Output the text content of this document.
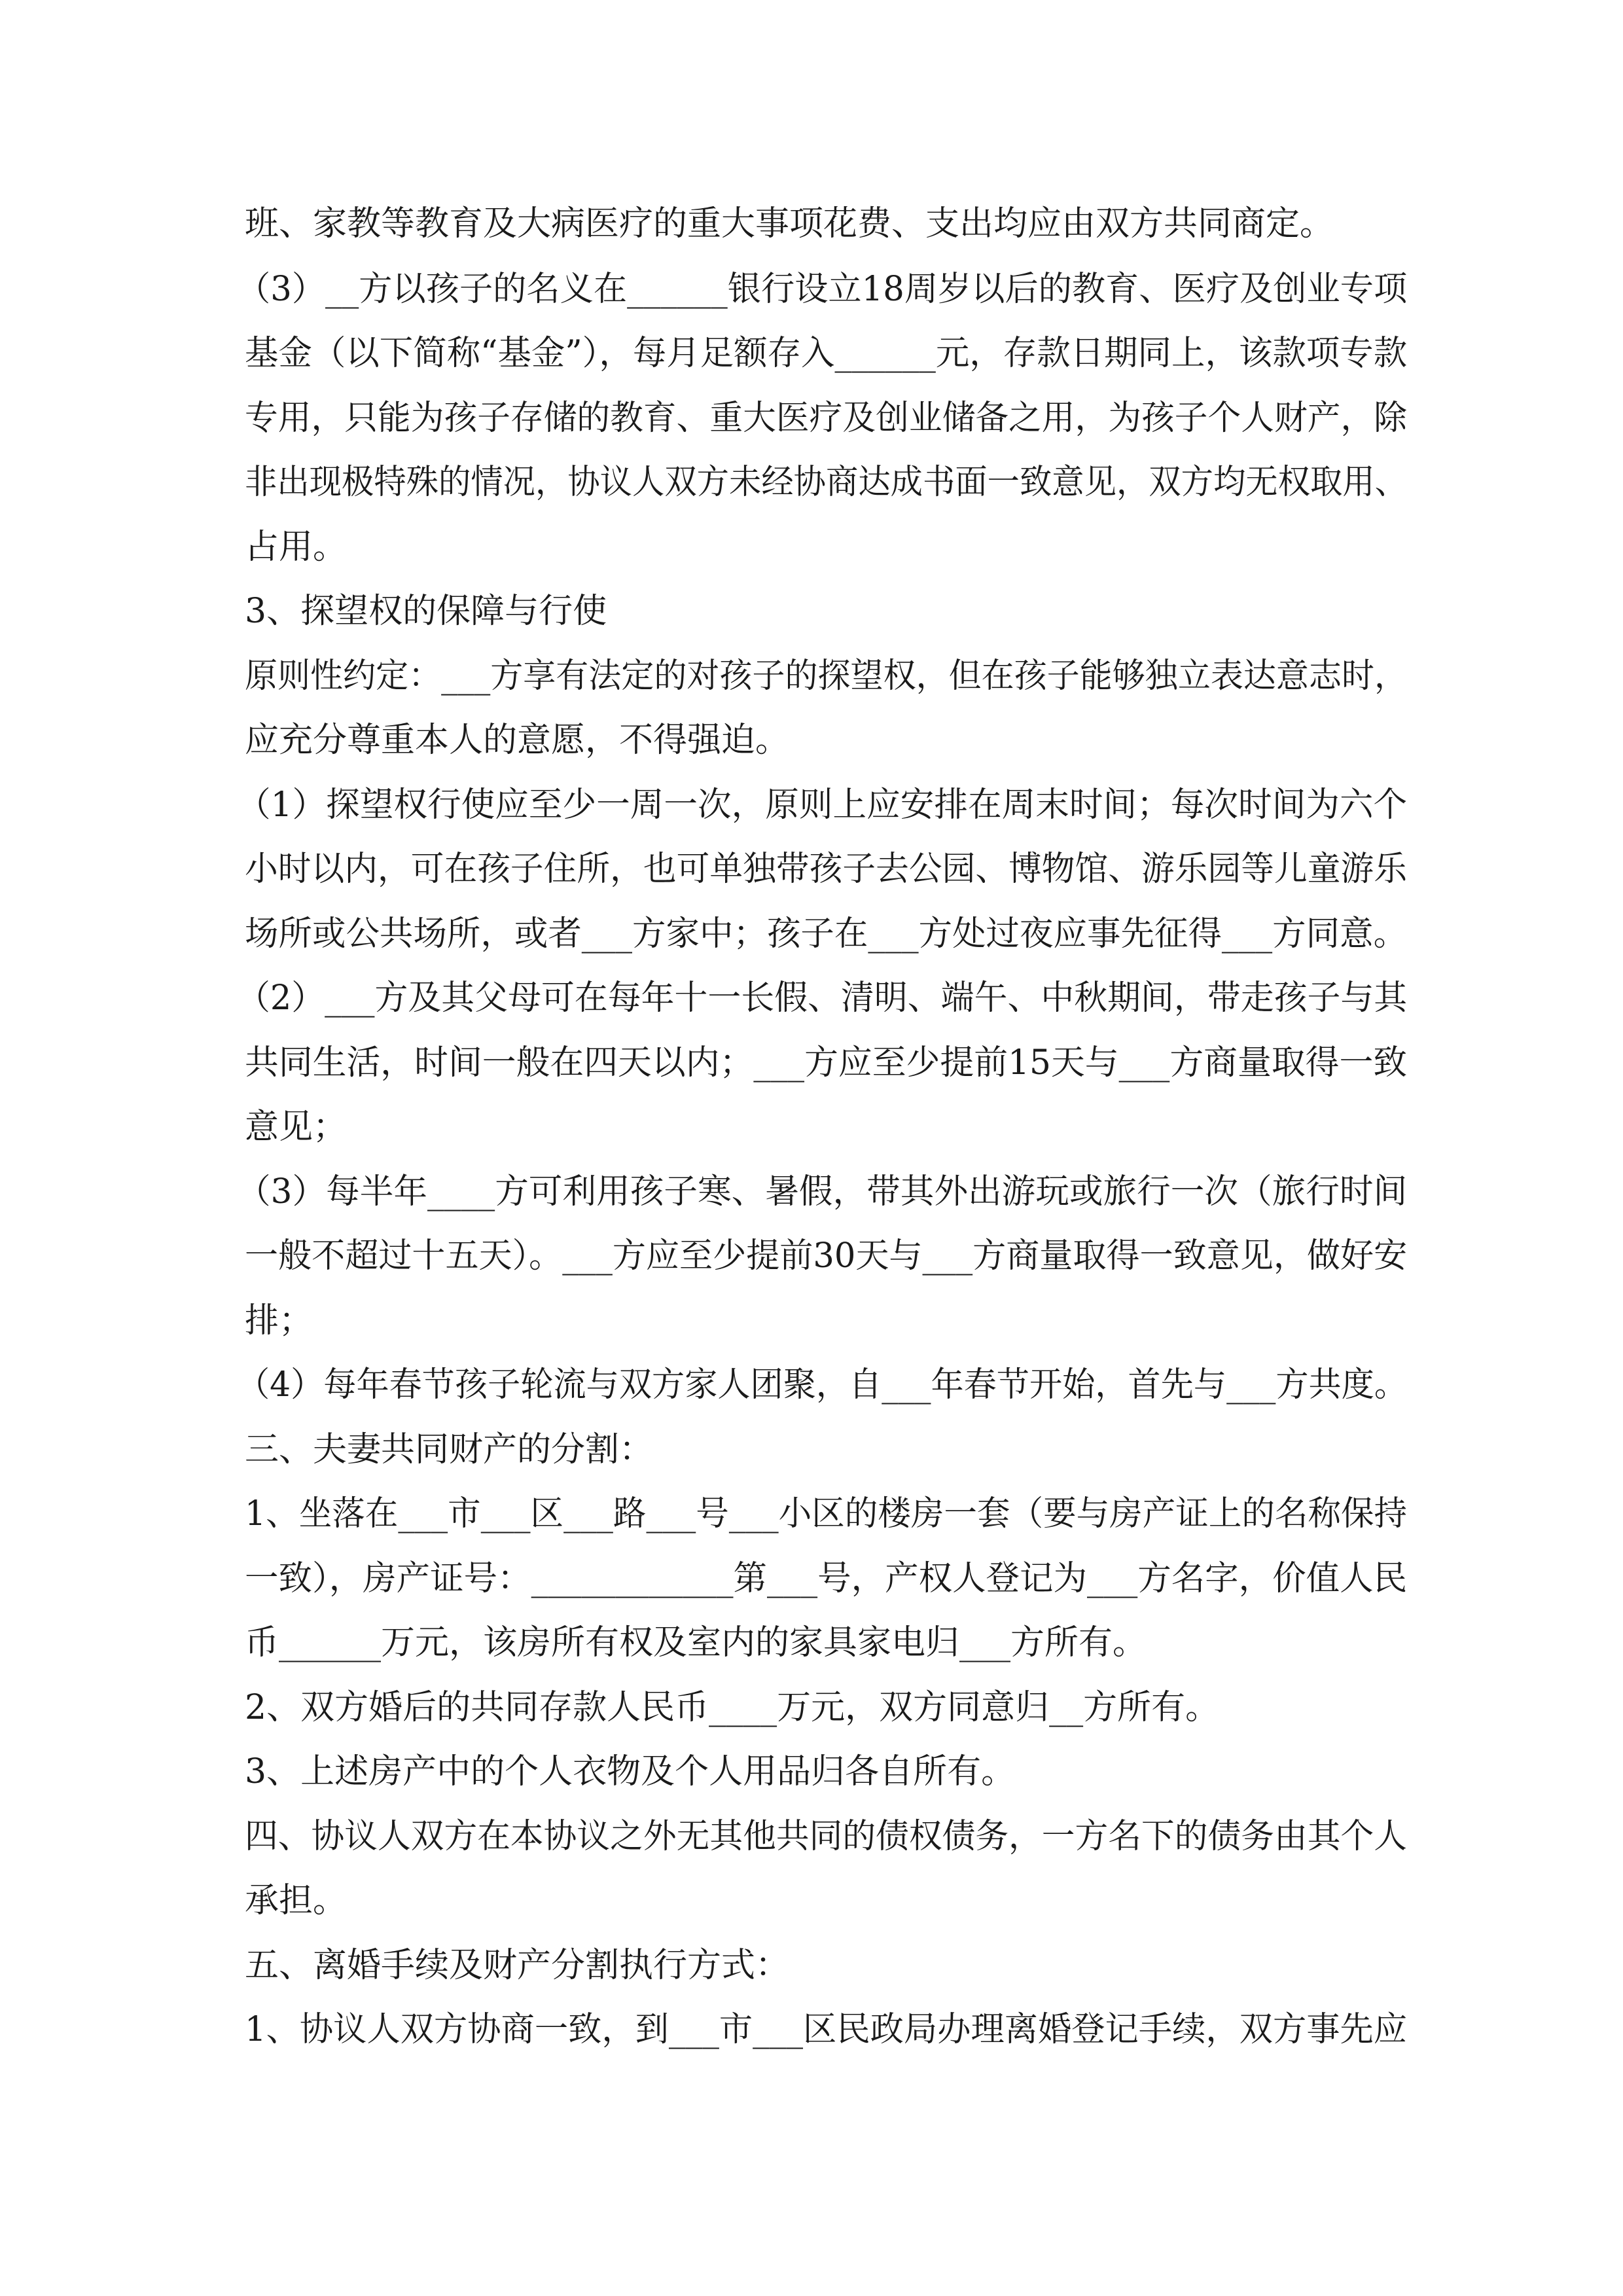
班、家教等教育及大病医疗的重大事项花费、支出均应由双方共同商定。
（3）__方以孩子的名义在______银行设立18周岁以后的教育、医疗及创业专项
基金（以下简称“基金”），每月足额存入______元，存款日期同上，该款项专款
专用，只能为孩子存储的教育、重大医疗及创业储备之用，为孩子个人财产，除
非出现极特殊的情况，协议人双方未经协商达成书面一致意见，双方均无权取用、
占用。
3、探望权的保障与行使
原则性约定：___方享有法定的对孩子的探望权，但在孩子能够独立表达意志时，
应充分尊重本人的意愿，不得强迫。
（1）探望权行使应至少一周一次，原则上应安排在周末时间；每次时间为六个
小时以内，可在孩子住所，也可单独带孩子去公园、博物馆、游乐园等儿童游乐
场所或公共场所，或者___方家中；孩子在___方处过夜应事先征得___方同意。
（2）___方及其父母可在每年十一长假、清明、端午、中秋期间，带走孩子与其
共同生活，时间一般在四天以内；___方应至少提前15天与___方商量取得一致
意见；
（3）每半年____方可利用孩子寒、暑假，带其外出游玩或旅行一次（旅行时间
一般不超过十五天）。___方应至少提前30天与___方商量取得一致意见，做好安
排；
（4）每年春节孩子轮流与双方家人团聚，自___年春节开始，首先与___方共度。
三、夫妻共同财产的分割：
1、坐落在___市___区___路___号___小区的楼房一套（要与房产证上的名称保持
一致），房产证号：____________第___号，产权人登记为___方名字，价值人民
币______万元，该房所有权及室内的家具家电归___方所有。
2、双方婚后的共同存款人民币____万元，双方同意归__方所有。
3、上述房产中的个人衣物及个人用品归各自所有。
四、协议人双方在本协议之外无其他共同的债权债务，一方名下的债务由其个人
承担。
五、离婚手续及财产分割执行方式：
1、协议人双方协商一致，到___市___区民政局办理离婚登记手续，双方事先应
